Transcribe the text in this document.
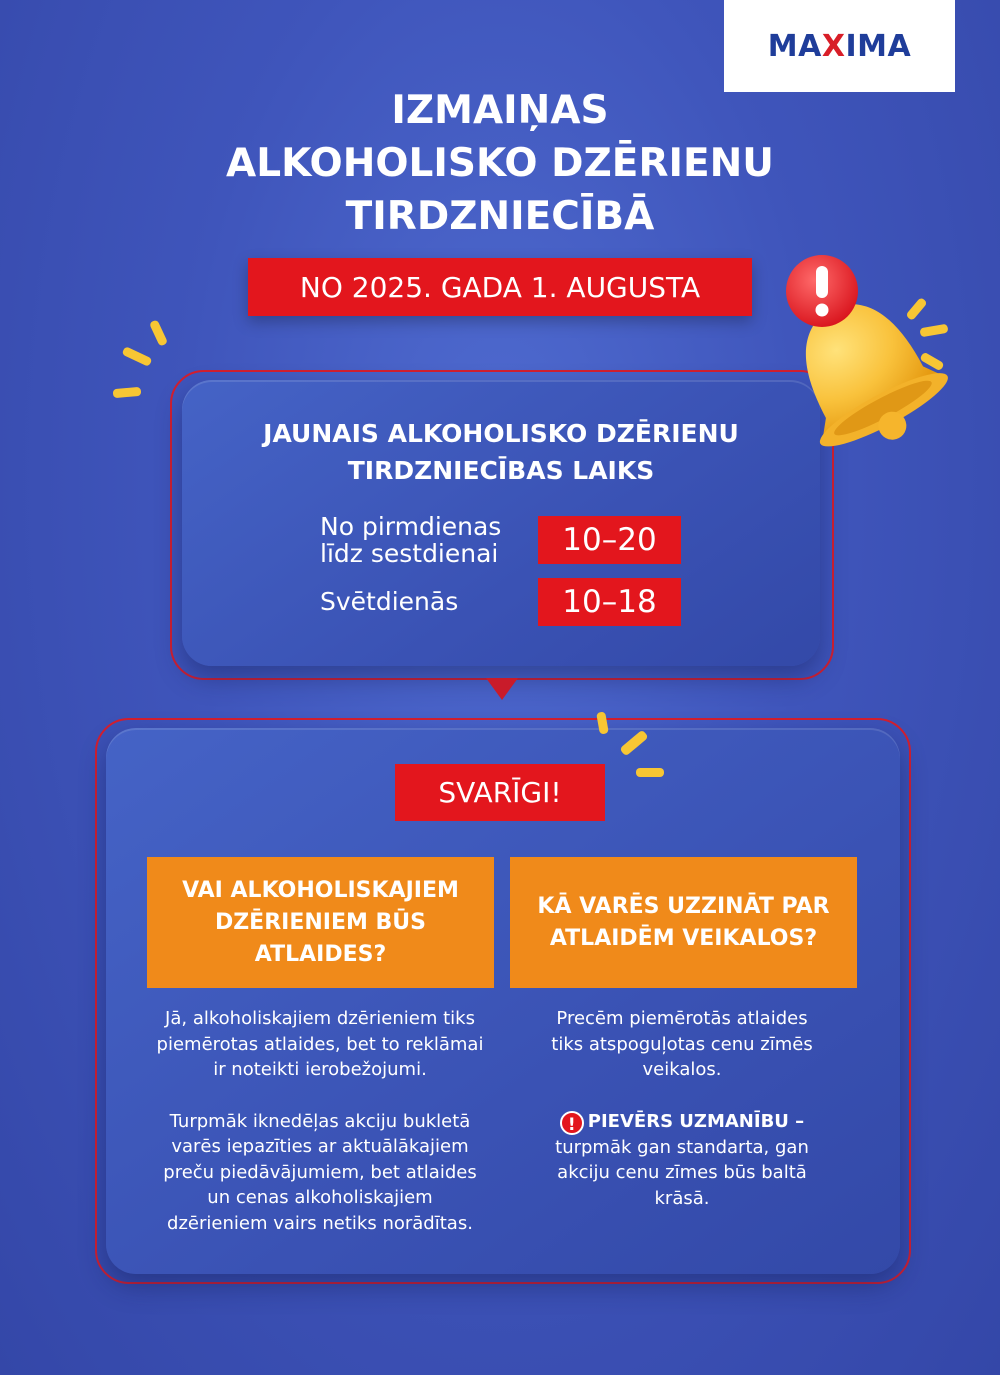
MAXIMA
IZMAIŅAS
ALKOHOLISKO DZĒRIENU
TIRDZNIECĪBĀ
NO 2025. GADA 1. AUGUSTA
JAUNAIS ALKOHOLISKO DZĒRIENU
TIRDZNIECĪBAS LAIKS
No pirmdienas
līdz sestdienai	10–20
Svētdienās	10–18
SVARĪGI!
VAI ALKOHOLISKAJIEM DZĒRIENIEM BŪS ATLAIDES?
Jā, alkoholiskajiem dzērieniem tiks
piemērotas atlaides, bet to reklāmai
ir noteikti ierobežojumi.
Turpmāk iknedēļas akciju bukletā
varēs iepazīties ar aktuālākajiem
preču piedāvājumiem, bet atlaides
un cenas alkoholiskajiem
dzērieniem vairs netiks norādītas.
KĀ VARĒS UZZINĀT PAR ATLAIDĒM VEIKALOS?
Precēm piemērotās atlaides
tiks atspoguļotas cenu zīmēs
veikalos.
! PIEVĒRS UZMANĪBU –
turpmāk gan standarta, gan
akciju cenu zīmes būs baltā
krāsā.
